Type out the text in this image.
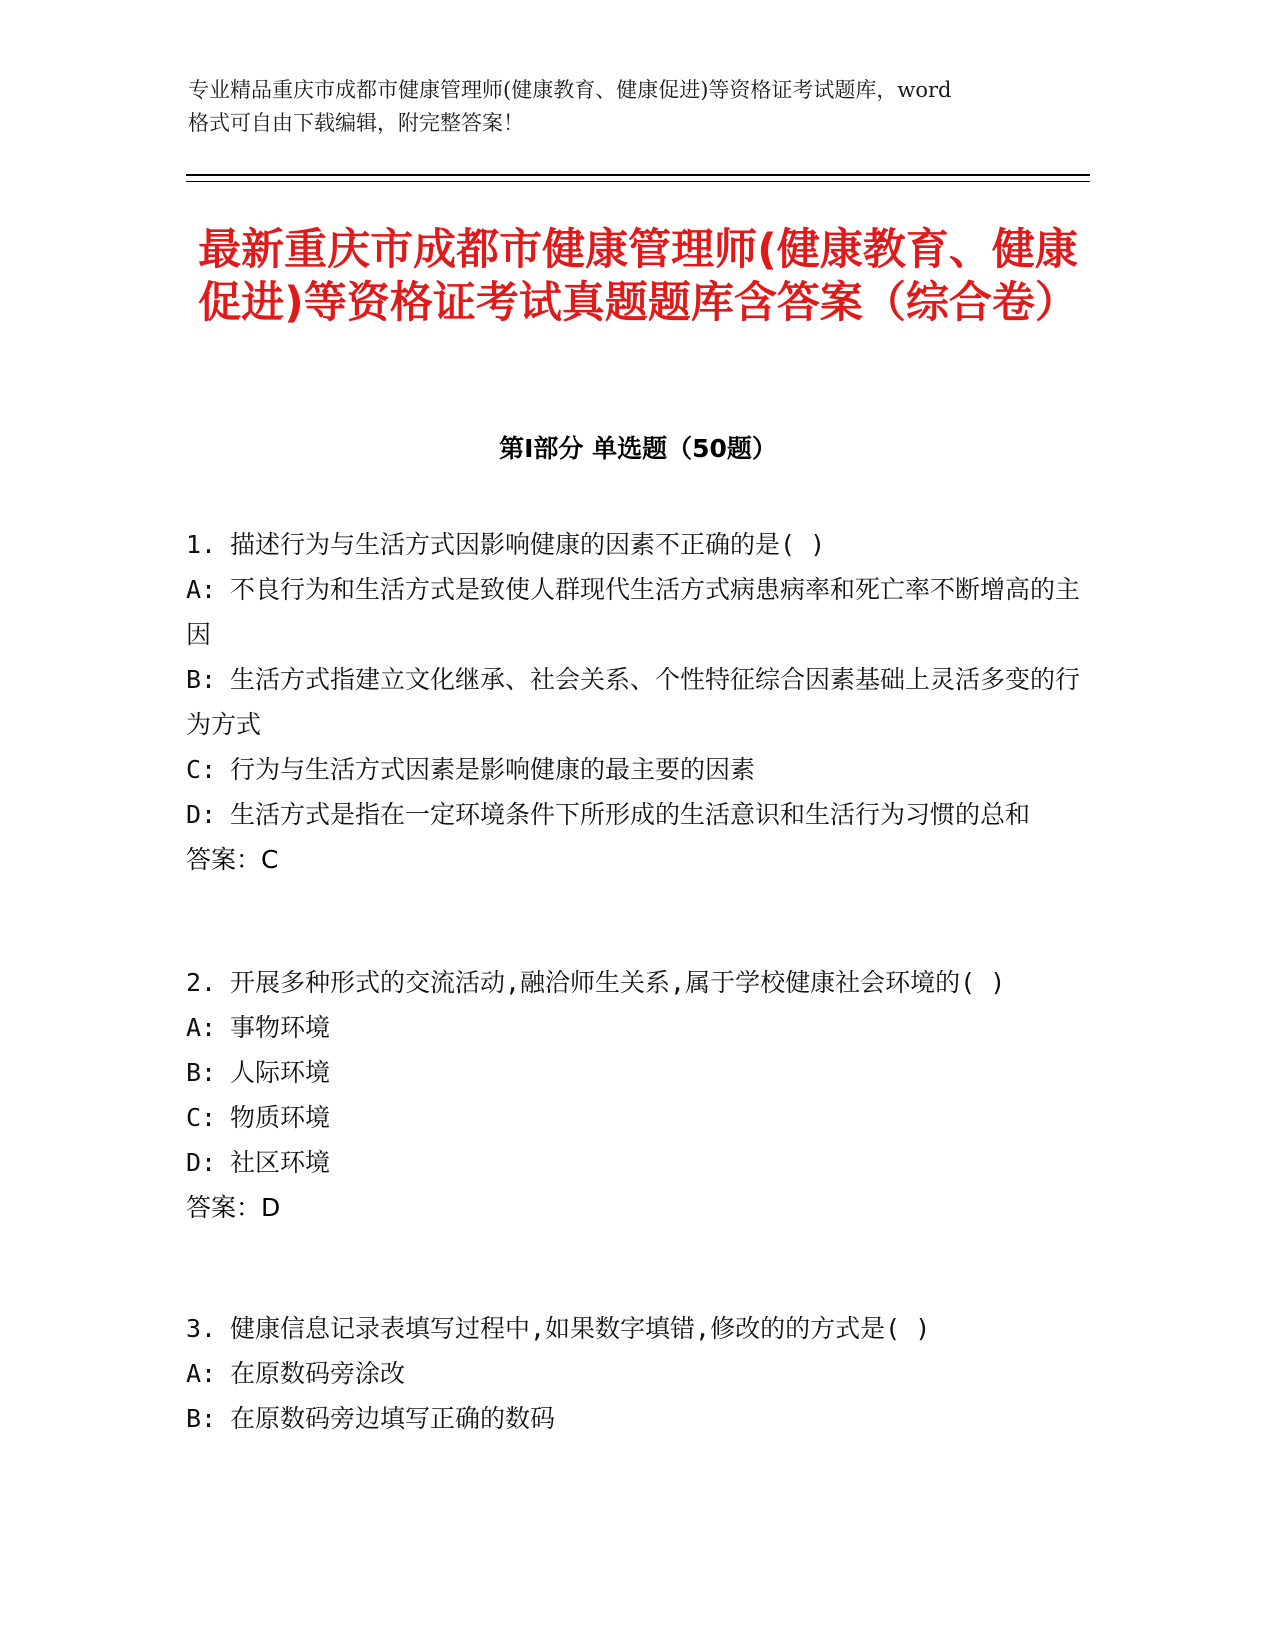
专业精品重庆市成都市健康管理师(健康教育、健康促进)等资格证考试题库，word
格式可自由下载编辑，附完整答案！
最新重庆市成都市健康管理师(健康教育、健康促进)等资格证考试真题题库含答案（综合卷）
第Ⅰ部分 单选题（50题）
1. 描述行为与生活方式因影响健康的因素不正确的是( )
A: 不良行为和生活方式是致使人群现代生活方式病患病率和死亡率不断增高的主因
B: 生活方式指建立文化继承、社会关系、个性特征综合因素基础上灵活多变的行为方式
C: 行为与生活方式因素是影响健康的最主要的因素
D: 生活方式是指在一定环境条件下所形成的生活意识和生活行为习惯的总和
答案：C
2. 开展多种形式的交流活动,融洽师生关系,属于学校健康社会环境的( )
A: 事物环境
B: 人际环境
C: 物质环境
D: 社区环境
答案：D
3. 健康信息记录表填写过程中,如果数字填错,修改的的方式是( )
A: 在原数码旁涂改
B: 在原数码旁边填写正确的数码
